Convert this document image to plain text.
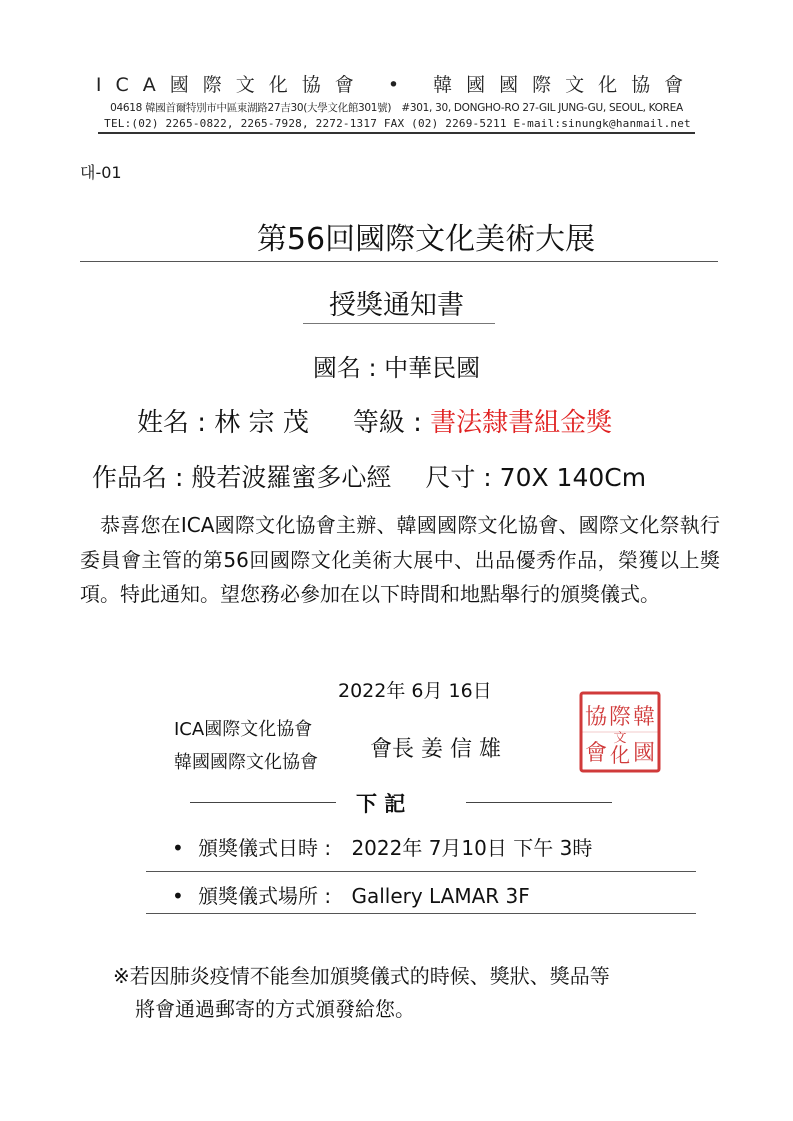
ICA國際文化協會 • 韓國國際文化協會
04618 韓國首爾特別市中區東湖路27吉30(大學文化館301號)　#301, 30, DONGHO-RO 27-GIL JUNG-GU, SEOUL, KOREA
TEL:(02) 2265-0822, 2265-7928, 2272-1317 FAX (02) 2269-5211 E-mail:sinungk@hanmail.net
대-01
第56回國際文化美術大展
授獎通知書
國名 : 中華民國
姓名 : 林 宗 茂 等級 : 書法隸書組金獎
作品名 : 般若波羅蜜多心經 尺寸 : 70X 140Cm
恭喜您在ICA國際文化協會主辦、韓國國際文化協會、國際文化祭執行委員會主管的第56回國際文化美術大展中、出品優秀作品，榮獲以上獎項。特此通知。望您務必參加在以下時間和地點舉行的頒獎儀式。
2022年 6月 16日
ICA國際文化協會
韓國國際文化協會
會長 姜 信 雄
韓
國
際
文
化
協
會
下 記
• 頒獎儀式日時 : 2022年 7月10日 下午 3時
• 頒獎儀式場所 : Gallery LAMAR 3F
※若因肺炎疫情不能叁加頒獎儀式的時候、獎狀、獎品等
將會通過郵寄的方式頒發給您。
